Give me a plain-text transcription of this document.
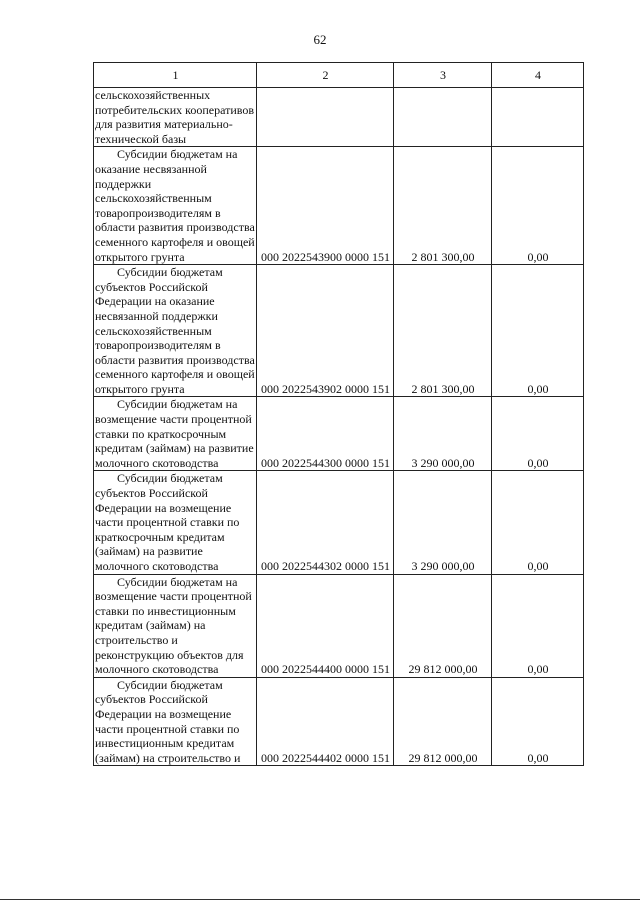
62
1	2	3	4
сельскохозяйственных потребительских кооперативов для развития материально-технической базы			
Субсидии бюджетам на оказание несвязанной поддержки сельскохозяйственным товаропроизводителям в области развития производства семенного картофеля и овощей открытого грунта	000 2022543900 0000 151	2 801 300,00	0,00
Субсидии бюджетам субъектов Российской Федерации на оказание несвязанной поддержки сельскохозяйственным товаропроизводителям в области развития производства семенного картофеля и овощей открытого грунта	000 2022543902 0000 151	2 801 300,00	0,00
Субсидии бюджетам на возмещение части процентной ставки по краткосрочным кредитам (займам) на развитие молочного скотоводства	000 2022544300 0000 151	3 290 000,00	0,00
Субсидии бюджетам субъектов Российской Федерации на возмещение части процентной ставки по краткосрочным кредитам (займам) на развитие молочного скотоводства	000 2022544302 0000 151	3 290 000,00	0,00
Субсидии бюджетам на возмещение части процентной ставки по инвестиционным кредитам (займам) на строительство и реконструкцию объектов для молочного скотоводства	000 2022544400 0000 151	29 812 000,00	0,00
Субсидии бюджетам субъектов Российской Федерации на возмещение части процентной ставки по инвестиционным кредитам (займам) на строительство и	000 2022544402 0000 151	29 812 000,00	0,00
